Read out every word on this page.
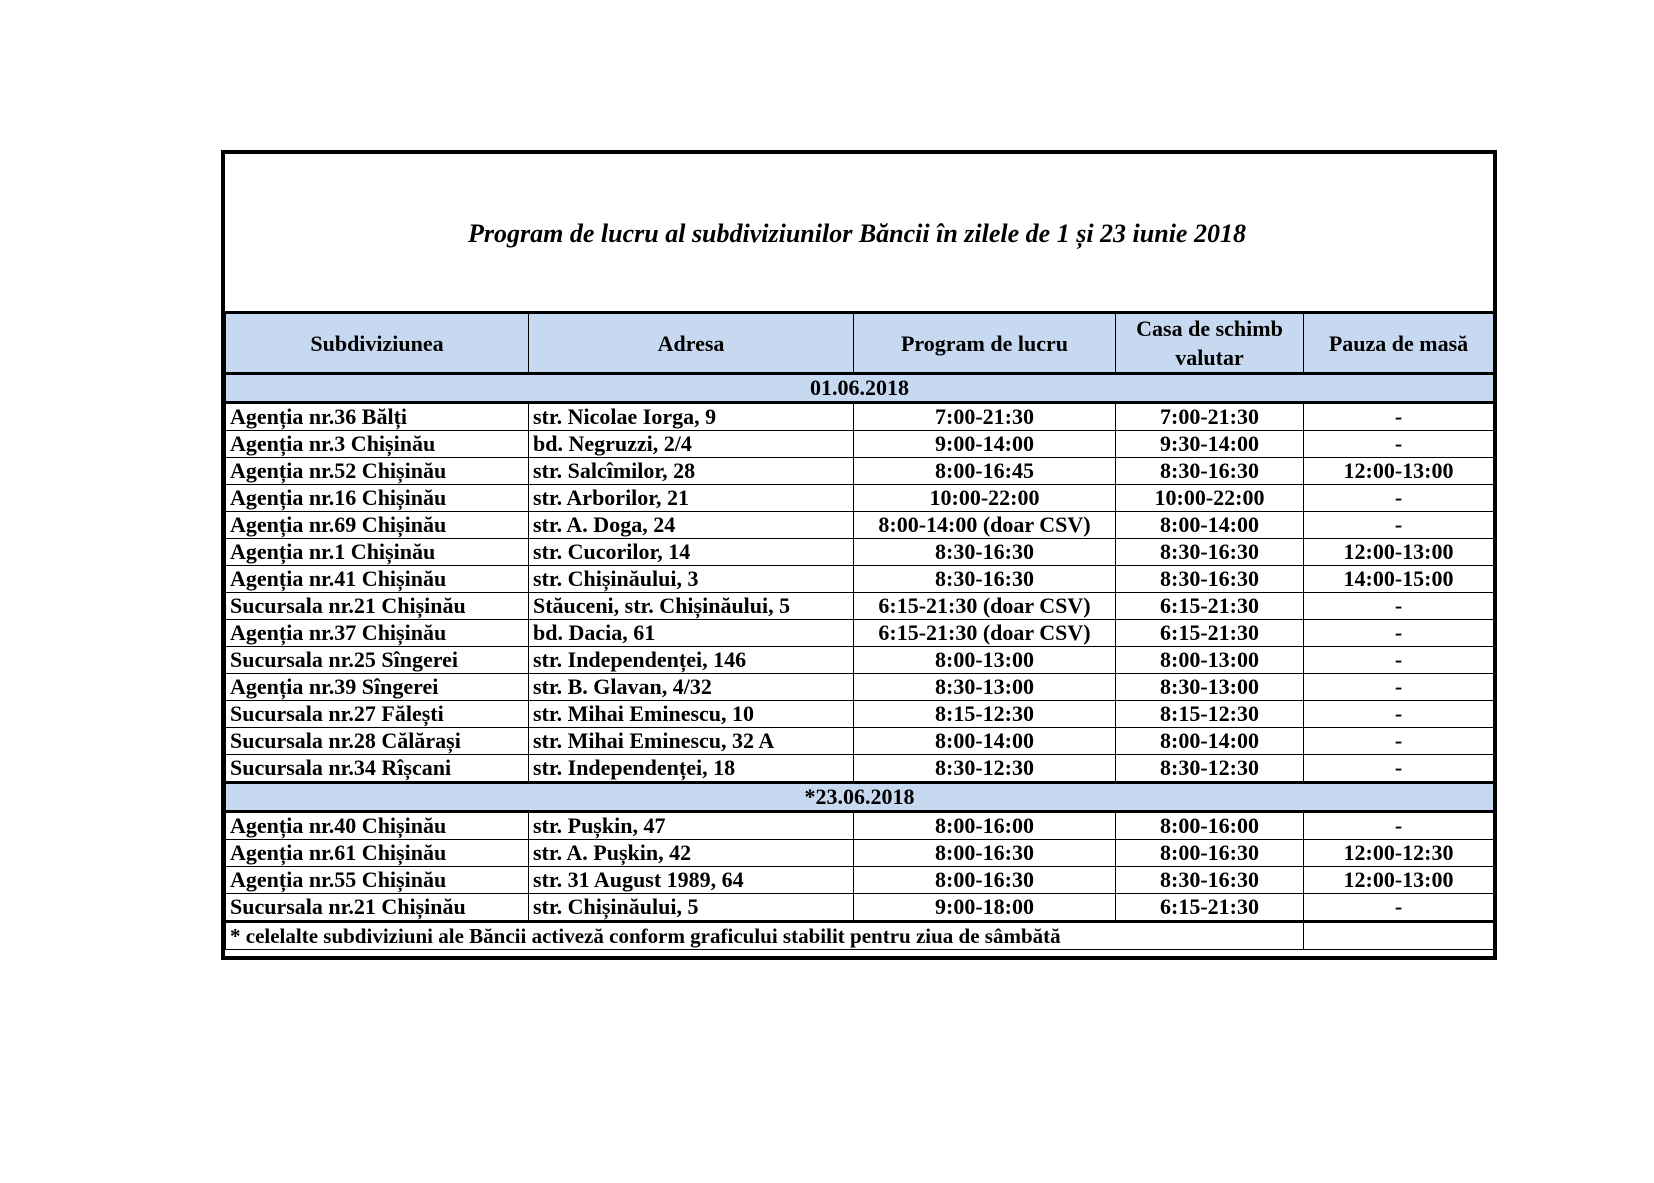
Program de lucru al subdiviziunilor Băncii în zilele de 1 și 23 iunie 2018

Subdiviziunea	Adresa	Program de lucru	Casa de schimb valutar	Pauza de masă
01.06.2018				
Agenția nr.36 Bălți	str. Nicolae Iorga, 9	7:00-21:30	7:00-21:30	-
Agenția nr.3 Chișinău	bd. Negruzzi, 2/4	9:00-14:00	9:30-14:00	-
Agenția nr.52 Chișinău	str. Salcîmilor, 28	8:00-16:45	8:30-16:30	12:00-13:00
Agenția nr.16 Chișinău	str. Arborilor, 21	10:00-22:00	10:00-22:00	-
Agenția nr.69 Chișinău	str. A. Doga, 24	8:00-14:00 (doar CSV)	8:00-14:00	-
Agenția nr.1 Chișinău	str. Cucorilor, 14	8:30-16:30	8:30-16:30	12:00-13:00
Agenția nr.41 Chișinău	str. Chișinăului, 3	8:30-16:30	8:30-16:30	14:00-15:00
Sucursala nr.21 Chișinău	Stăuceni, str. Chișinăului, 5	6:15-21:30 (doar CSV)	6:15-21:30	-
Agenția nr.37 Chișinău	bd. Dacia, 61	6:15-21:30 (doar CSV)	6:15-21:30	-
Sucursala nr.25 Sîngerei	str. Independenței, 146	8:00-13:00	8:00-13:00	-
Agenția nr.39 Sîngerei	str. B. Glavan, 4/32	8:30-13:00	8:30-13:00	-
Sucursala nr.27 Fălești	str. Mihai Eminescu, 10	8:15-12:30	8:15-12:30	-
Sucursala nr.28 Călărași	str. Mihai Eminescu, 32 A	8:00-14:00	8:00-14:00	-
Sucursala nr.34 Rîșcani	str. Independenței, 18	8:30-12:30	8:30-12:30	-
*23.06.2018				
Agenția nr.40 Chișinău	str. Pușkin, 47	8:00-16:00	8:00-16:00	-
Agenția nr.61 Chișinău	str. A. Pușkin, 42	8:00-16:30	8:00-16:30	12:00-12:30
Agenția nr.55 Chișinău	str. 31 August 1989, 64	8:00-16:30	8:30-16:30	12:00-13:00
Sucursala nr.21 Chișinău	str. Chișinăului, 5	9:00-18:00	6:15-21:30	-
* celelalte subdiviziuni ale Băncii activeză conform graficului stabilit pentru ziua de sâmbătă				
